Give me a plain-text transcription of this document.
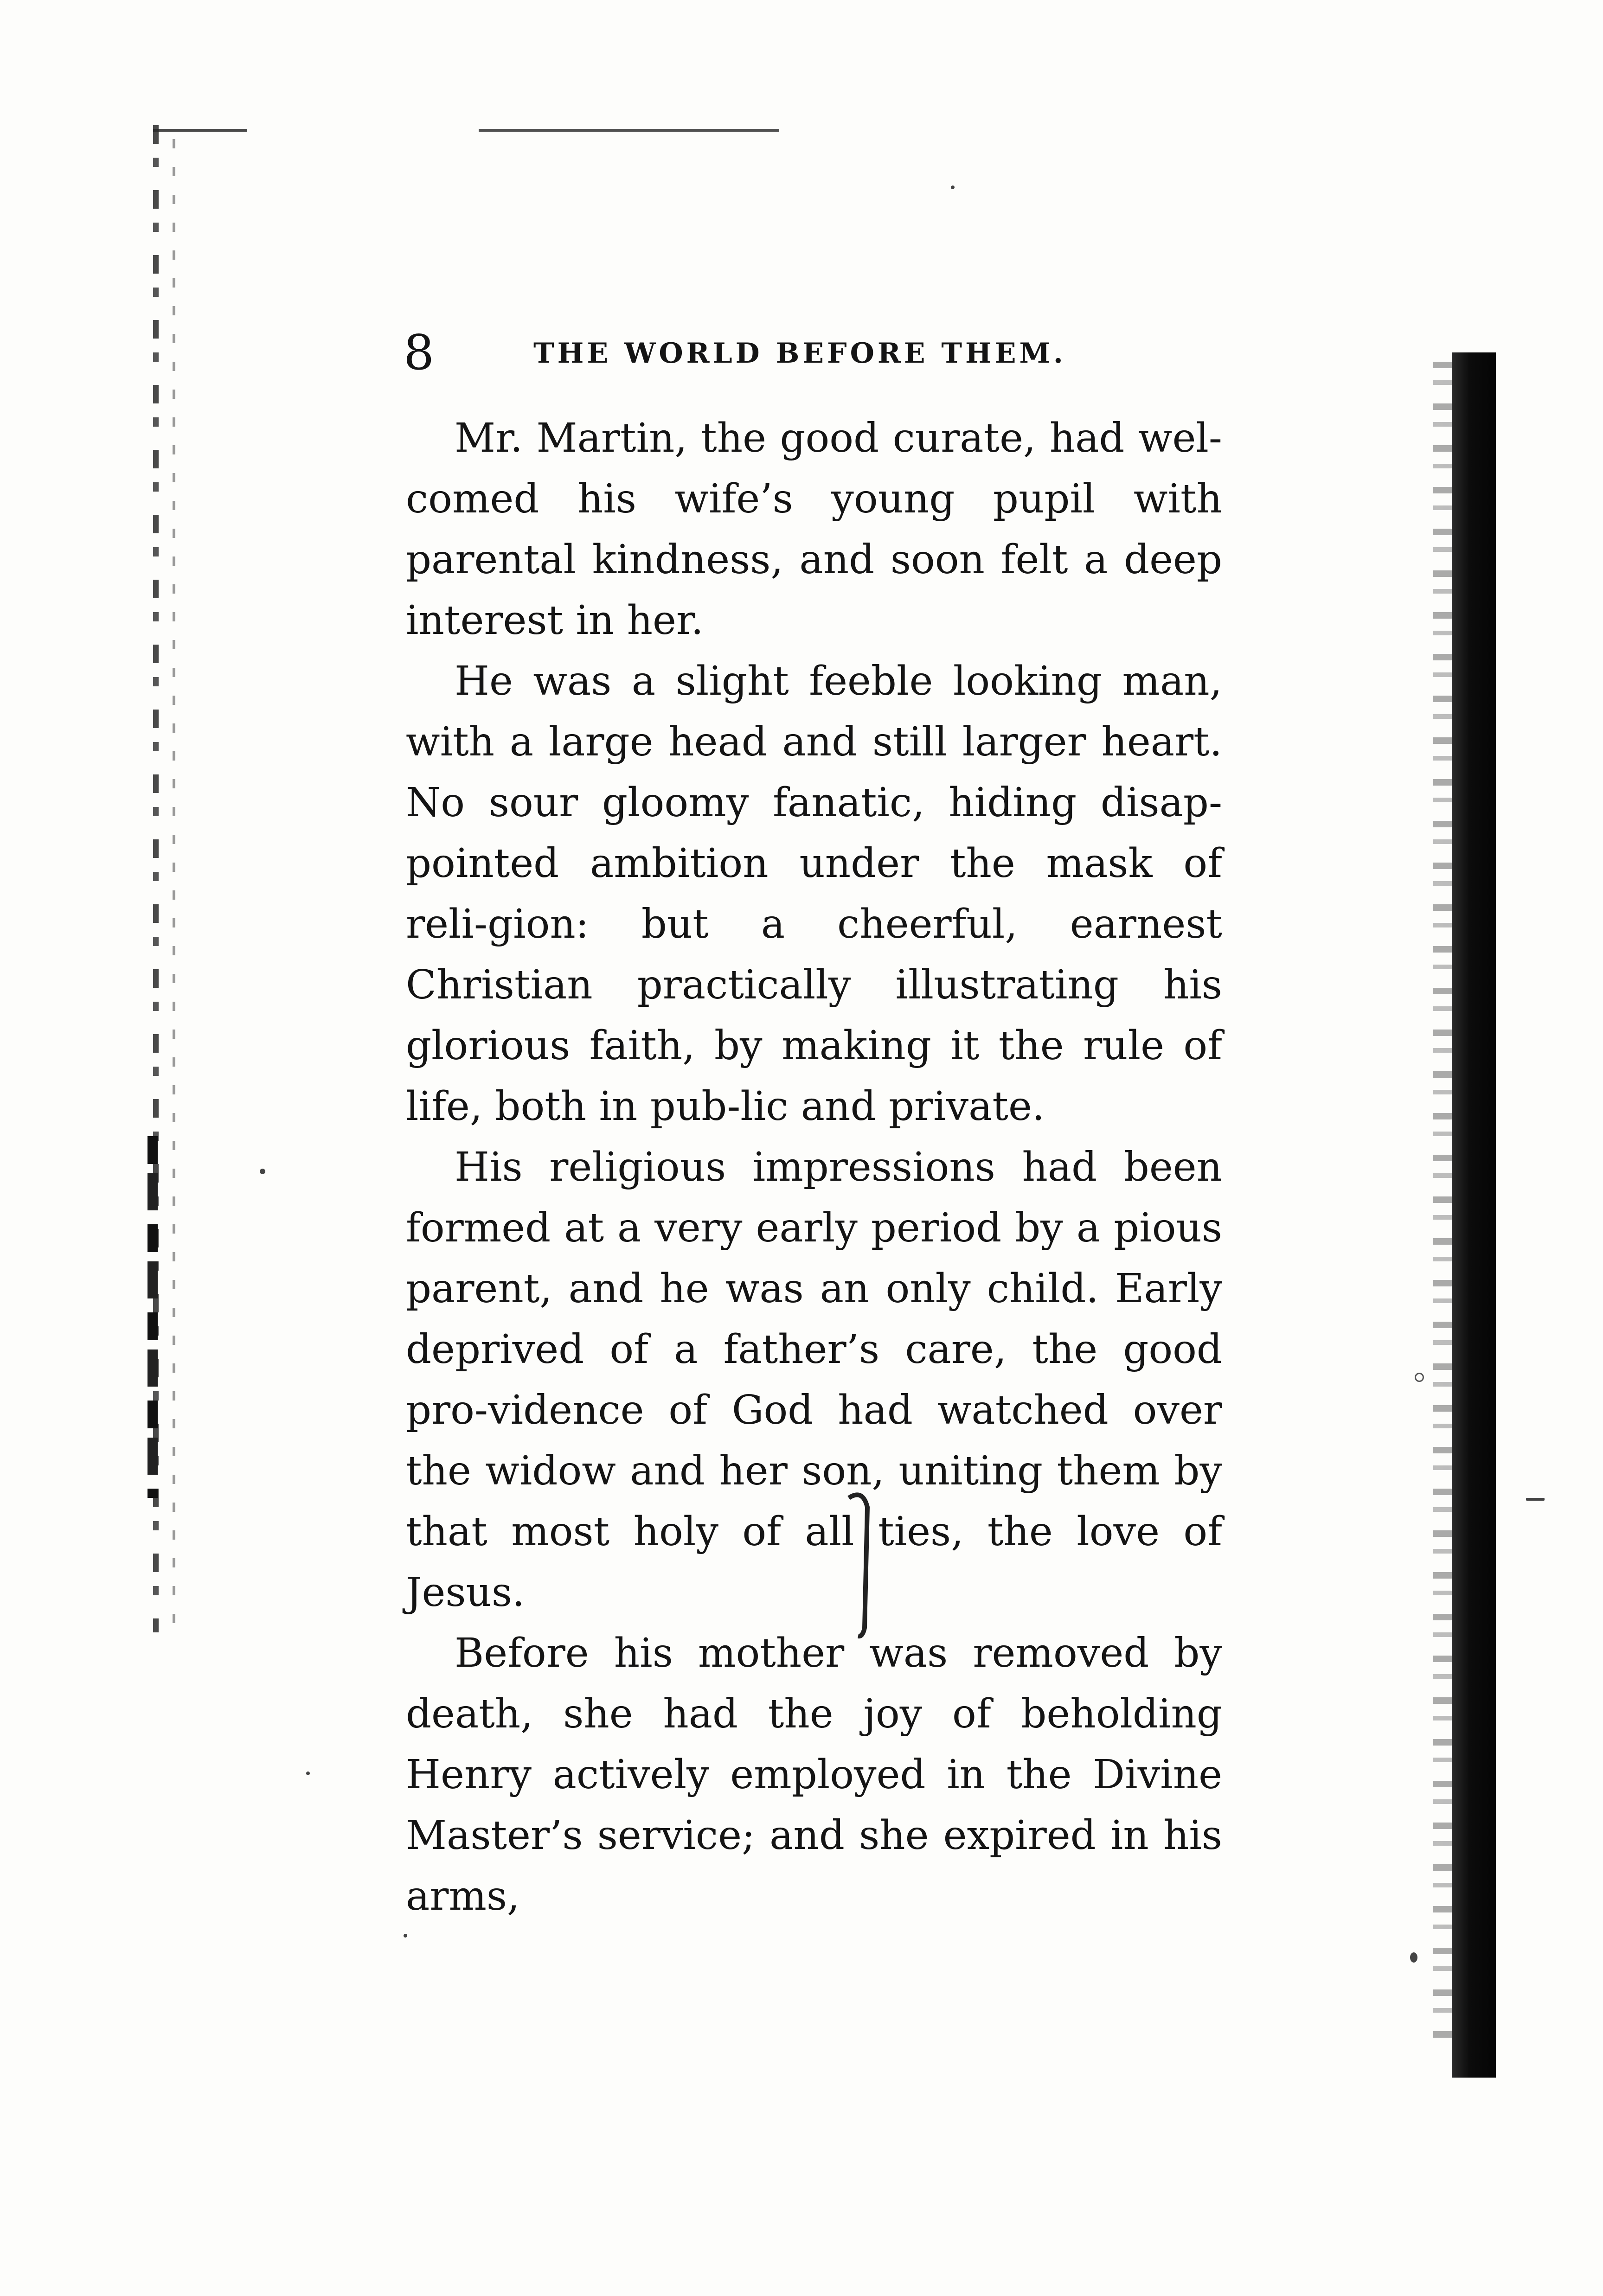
8	THE WORLD BEFORE THEM.

Mr. Martin, the good curate, had wel-comed his wife’s young pupil with parental kindness, and soon felt a deep interest in her.

He was a slight feeble looking man, with a large head and still larger heart. No sour gloomy fanatic, hiding disap-pointed ambition under the mask of reli-gion: but a cheerful, earnest Christian practically illustrating his glorious faith, by making it the rule of life, both in pub-lic and private.

His religious impressions had been formed at a very early period by a pious parent, and he was an only child. Early deprived of a father’s care, the good pro-vidence of God had watched over the widow and her son, uniting them by that most holy of all ties, the love of Jesus.

Before his mother was removed by death, she had the joy of beholding Henry actively employed in the Divine Master’s service; and she expired in his arms,
